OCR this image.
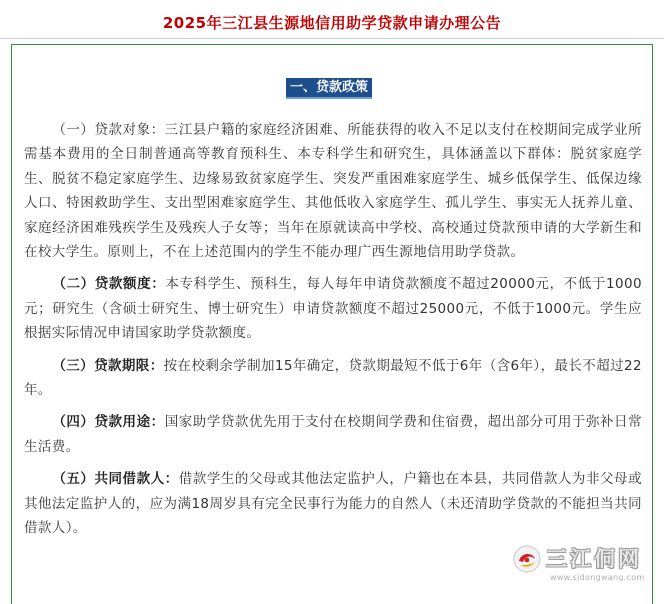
2025年三江县生源地信用助学贷款申请办理公告
一、贷款政策

（一）贷款对象：三江县户籍的家庭经济困难、所能获得的收入不足以支付在校期间完成学业所需基本费用的全日制普通高等教育预科生、本专科学生和研究生，具体涵盖以下群体：脱贫家庭学生、脱贫不稳定家庭学生、边缘易致贫家庭学生、突发严重困难家庭学生、城乡低保学生、低保边缘人口、特困救助学生、支出型困难家庭学生、其他低收入家庭学生、孤儿学生、事实无人抚养儿童、家庭经济困难残疾学生及残疾人子女等；当年在原就读高中学校、高校通过贷款预申请的大学新生和在校大学生。原则上，不在上述范围内的学生不能办理广西生源地信用助学贷款。

（二）贷款额度：本专科学生、预科生，每人每年申请贷款额度不超过20000元，不低于1000元；研究生（含硕士研究生、博士研究生）申请贷款额度不超过25000元，不低于1000元。学生应根据实际情况申请国家助学贷款额度。

（三）贷款期限：按在校剩余学制加15年确定，贷款期最短不低于6年（含6年），最长不超过22年。

（四）贷款用途：国家助学贷款优先用于支付在校期间学费和住宿费，超出部分可用于弥补日常生活费。

（五）共同借款人：借款学生的父母或其他法定监护人，户籍也在本县，共同借款人为非父母或其他法定监护人的，应为满18周岁具有完全民事行为能力的自然人（未还清助学贷款的不能担当共同借款人）。

三江侗网
www.sjdongwang.com
